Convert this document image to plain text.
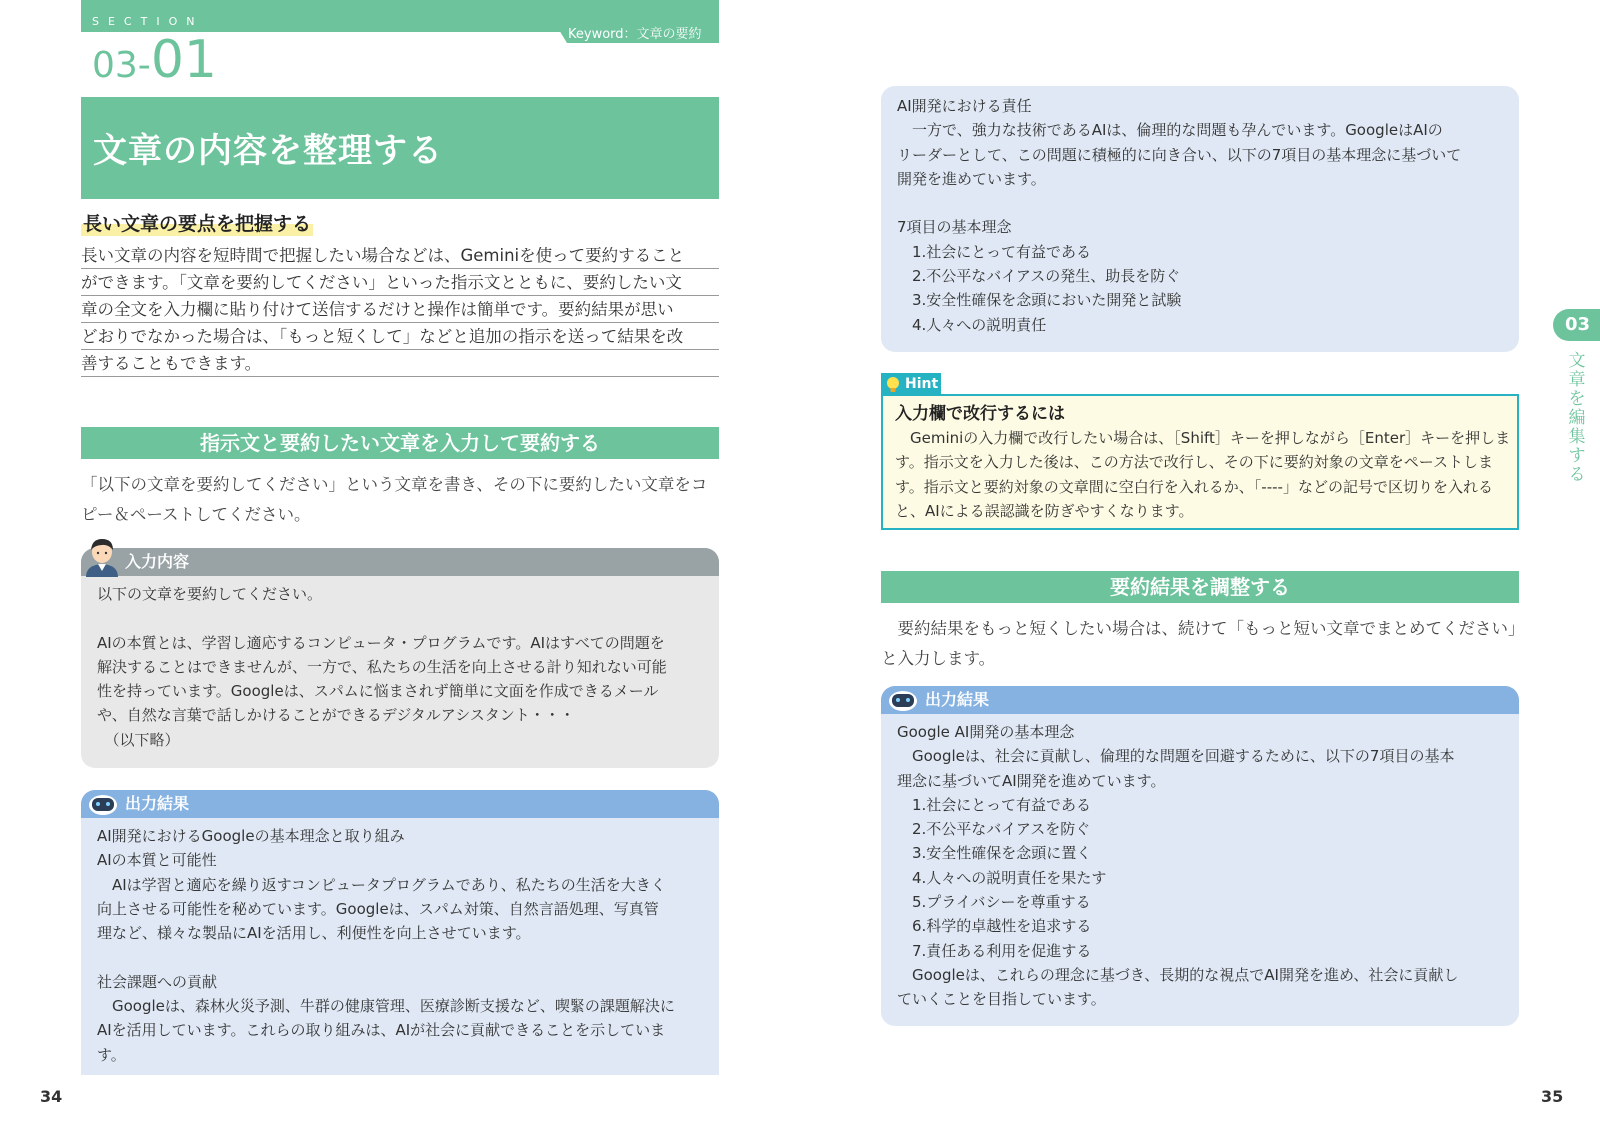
SECTION
Keyword：文章の要約
03-01
文章の内容を整理する
長い文章の要点を把握する
長い文章の内容を短時間で把握したい場合などは、Geminiを使って要約すること
ができます。「文章を要約してください」といった指示文とともに、要約したい文
章の全文を入力欄に貼り付けて送信するだけと操作は簡単です。要約結果が思い
どおりでなかった場合は、「もっと短くして」などと追加の指示を送って結果を改
善することもできます。
指示文と要約したい文章を入力して要約する
「以下の文章を要約してください」という文章を書き、その下に要約したい文章をコピー＆ペーストしてください。
入力内容
以下の文章を要約してください。

AIの本質とは、学習し適応するコンピュータ・プログラムです。AIはすべての問題を
解決することはできませんが、一方で、私たちの生活を向上させる計り知れない可能
性を持っています。Googleは、スパムに悩まされず簡単に文面を作成できるメール
や、自然な言葉で話しかけることができるデジタルアシスタント・・・
　（以下略）
出力結果
AI開発におけるGoogleの基本理念と取り組み
AIの本質と可能性
　AIは学習と適応を繰り返すコンピュータプログラムであり、私たちの生活を大きく
向上させる可能性を秘めています。Googleは、スパム対策、自然言語処理、写真管
理など、様々な製品にAIを活用し、利便性を向上させています。

社会課題への貢献
　Googleは、森林火災予測、牛群の健康管理、医療診断支援など、喫緊の課題解決に
AIを活用しています。これらの取り組みは、AIが社会に貢献できることを示していま
す。
34
AI開発における責任
　一方で、強力な技術であるAIは、倫理的な問題も孕んでいます。GoogleはAIの
リーダーとして、この問題に積極的に向き合い、以下の7項目の基本理念に基づいて
開発を進めています。

7項目の基本理念
　1.社会にとって有益である
　2.不公平なバイアスの発生、助長を防ぐ
　3.安全性確保を念頭においた開発と試験
　4.人々への説明責任
Hint
入力欄で改行するには
　Geminiの入力欄で改行したい場合は、［Shift］キーを押しながら［Enter］キーを押しま
す。指示文を入力した後は、この方法で改行し、その下に要約対象の文章をペーストしま
す。指示文と要約対象の文章間に空白行を入れるか、「----」などの記号で区切りを入れる
と、AIによる誤認識を防ぎやすくなります。
要約結果を調整する
　要約結果をもっと短くしたい場合は、続けて「もっと短い文章でまとめてください」と入力します。
出力結果
Google AI開発の基本理念
　Googleは、社会に貢献し、倫理的な問題を回避するために、以下の7項目の基本
理念に基づいてAI開発を進めています。
　1.社会にとって有益である
　2.不公平なバイアスを防ぐ
　3.安全性確保を念頭に置く
　4.人々への説明責任を果たす
　5.プライバシーを尊重する
　6.科学的卓越性を追求する
　7.責任ある利用を促進する
　Googleは、これらの理念に基づき、長期的な視点でAI開発を進め、社会に貢献し
ていくことを目指しています。
03
文章を編集する
35
